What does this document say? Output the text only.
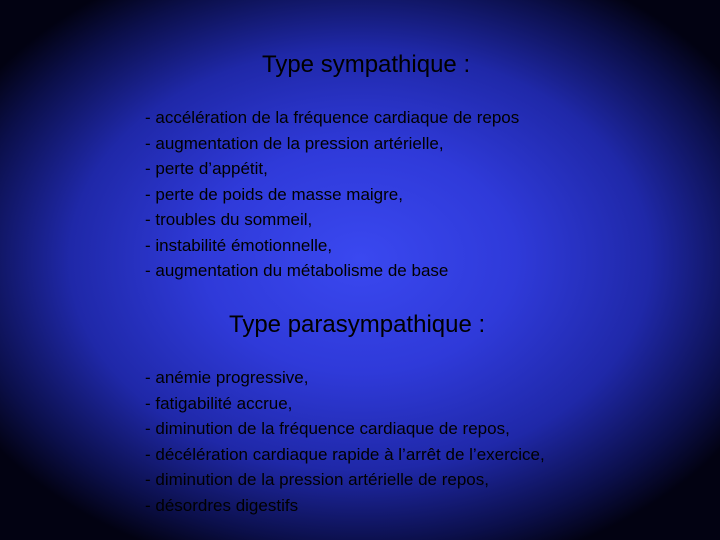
Type sympathique :
- accélération de la fréquence cardiaque de repos
- augmentation de la pression artérielle,
- perte d’appétit,
- perte de poids de masse maigre,
- troubles du sommeil,
- instabilité émotionnelle,
- augmentation du métabolisme de base
Type parasympathique :
- anémie progressive,
- fatigabilité accrue,
- diminution de la fréquence cardiaque de repos,
- décélération cardiaque rapide à l’arrêt de l’exercice,
- diminution de la pression artérielle de repos,
- désordres digestifs
